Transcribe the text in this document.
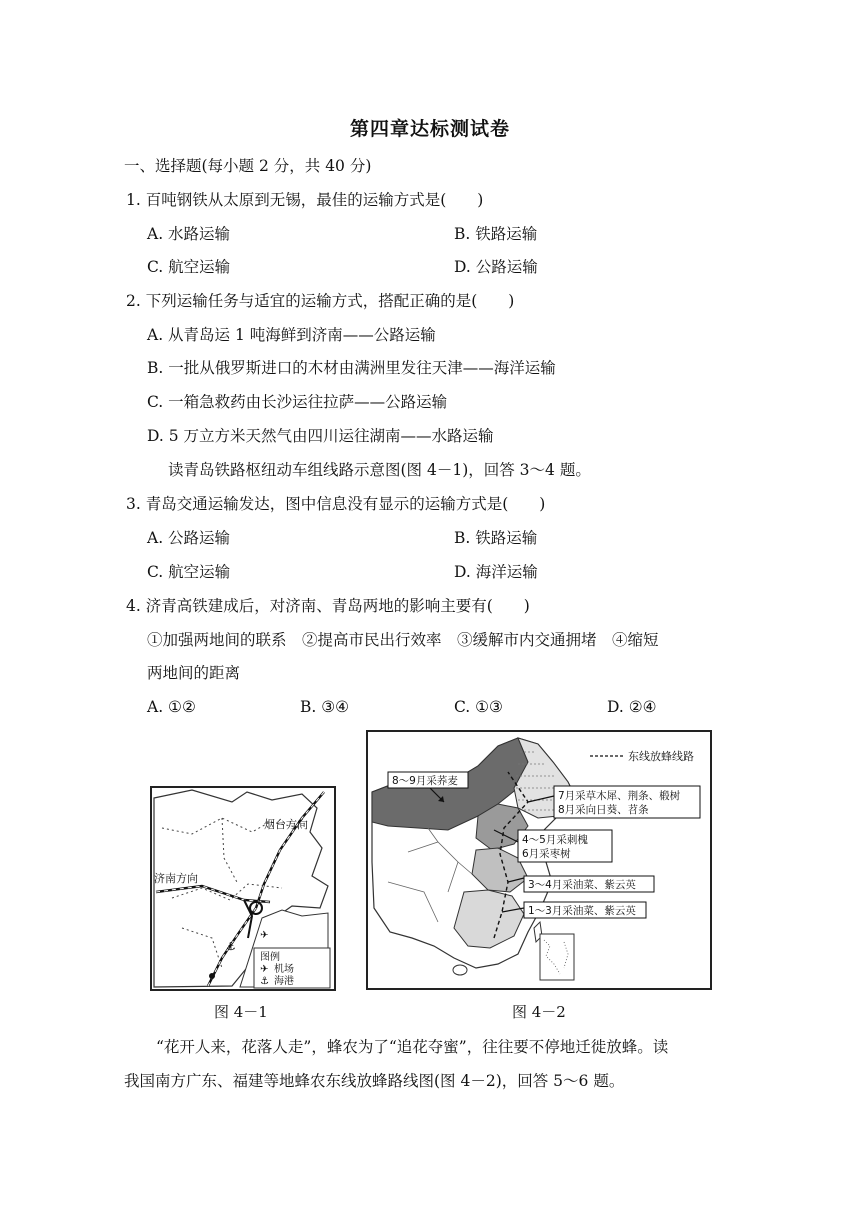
第四章达标测试卷
一、选择题(每小题 2 分，共 40 分)
1. 百吨钢铁从太原到无锡，最佳的运输方式是(　　)
A. 水路运输	B. 铁路运输
C. 航空运输	D. 公路运输
2. 下列运输任务与适宜的运输方式，搭配正确的是(　　)
A. 从青岛运 1 吨海鲜到济南——公路运输
B. 一批从俄罗斯进口的木材由满洲里发往天津——海洋运输
C. 一箱急救药由长沙运往拉萨——公路运输
D. 5 万立方米天然气由四川运往湖南——水路运输
读青岛铁路枢纽动车组线路示意图(图 4－1)，回答 3～4 题。
3. 青岛交通运输发达，图中信息没有显示的运输方式是(　　)
A. 公路运输	B. 铁路运输
C. 航空运输	D. 海洋运输
4. 济青高铁建成后，对济南、青岛两地的影响主要有(　　)
①加强两地间的联系　②提高市民出行效率　③缓解市内交通拥堵　④缩短
两地间的距离
A. ①②	B. ③④	C. ①③	D. ②④
烟台方向
济南方向
⚓
✈
图例
✈ 机场
⚓ 海港
图 4－1
东线放蜂线路
8～9月采荞麦
7月采草木犀、荆条、椴树
8月采向日葵、苕条
4～5月采刺槐
6月采枣树
3～4月采油菜、紫云英
1～3月采油菜、紫云英
图 4－2
“花开人来，花落人走”，蜂农为了“追花夺蜜”，往往要不停地迁徙放蜂。读
我国南方广东、福建等地蜂农东线放蜂路线图(图 4－2)，回答 5～6 题。
